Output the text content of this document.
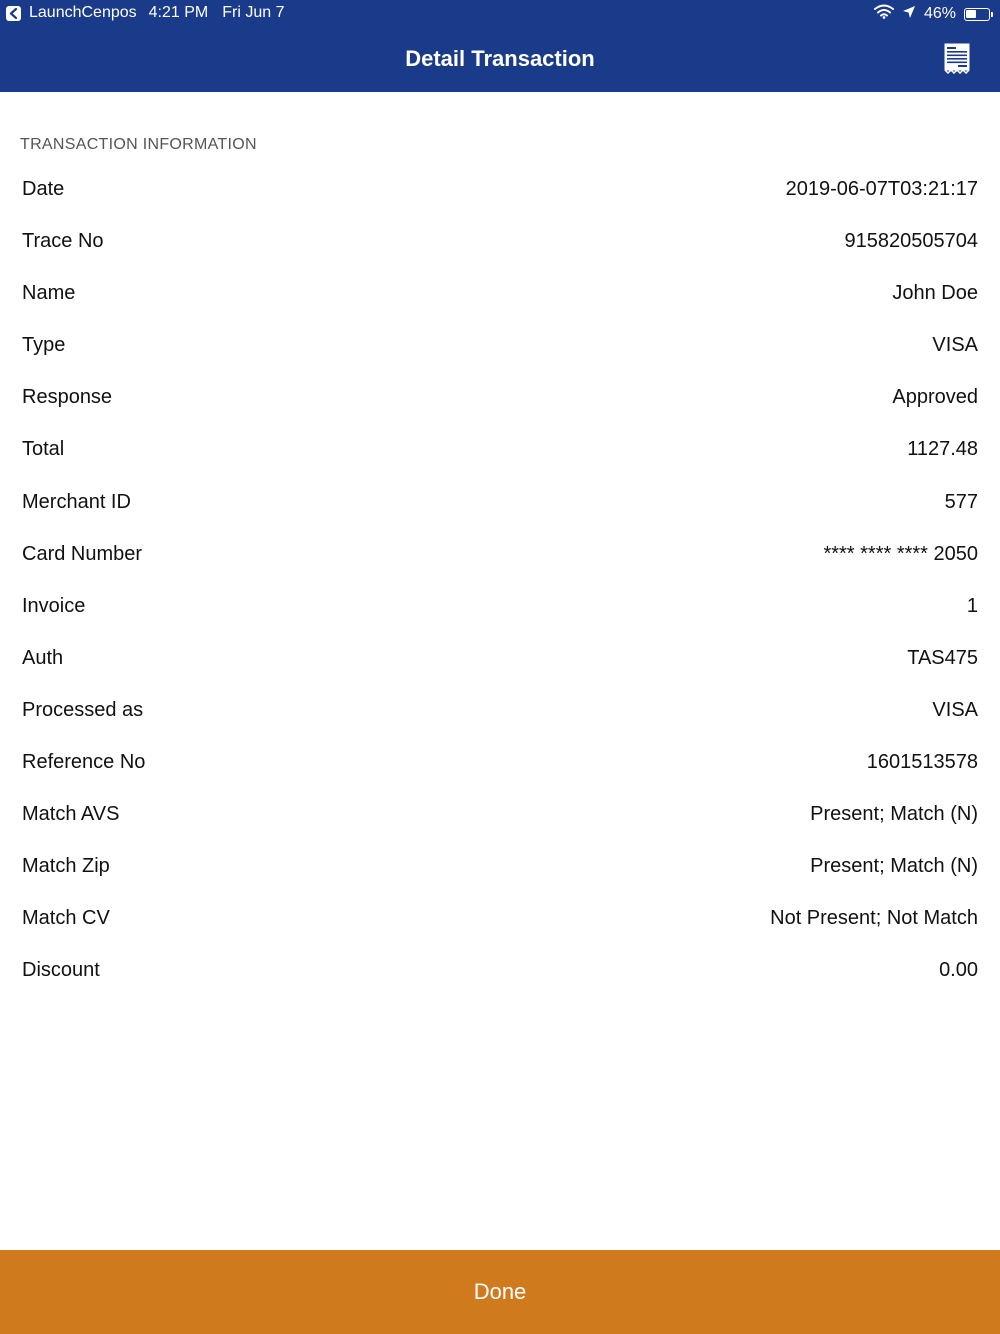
LaunchCenpos 4:21 PM Fri Jun 7	46%
Detail Transaction
TRANSACTION INFORMATION
Date	2019-06-07T03:21:17
Trace No	915820505704
Name	John Doe
Type	VISA
Response	Approved
Total	1127.48
Merchant ID	577
Card Number	**** **** **** 2050
Invoice	1
Auth	TAS475
Processed as	VISA
Reference No	1601513578
Match AVS	Present; Match (N)
Match Zip	Present; Match (N)
Match CV	Not Present; Not Match
Discount	0.00
Done
